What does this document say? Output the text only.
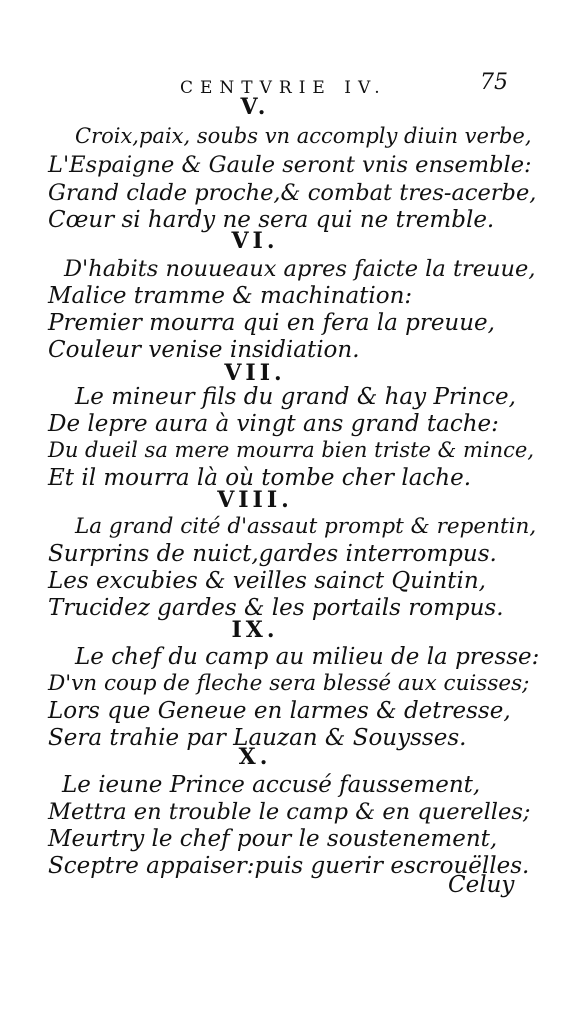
CENTVRIE IV.	75
V.
Croix,paix, soubs vn accomply diuin verbe,
L'Espaigne & Gaule seront vnis ensemble:
Grand clade proche,& combat tres-acerbe,
Cœur si hardy ne sera qui ne tremble.
VI.
D'habits nouueaux apres faicte la treuue,
Malice tramme & machination:
Premier mourra qui en fera la preuue,
Couleur venise insidiation.
VII.
Le mineur fils du grand & hay Prince,
De lepre aura à vingt ans grand tache:
Du dueil sa mere mourra bien triste & mince,
Et il mourra là où tombe cher lache.
VIII.
La grand cité d'assaut prompt & repentin,
Surprins de nuict,gardes interrompus.
Les excubies & veilles sainct Quintin,
Trucidez gardes & les portails rompus.
IX.
Le chef du camp au milieu de la presse:
D'vn coup de fleche sera blessé aux cuisses;
Lors que Geneue en larmes & detresse,
Sera trahie par Lauzan & Souysses.
X.
Le ieune Prince accusé faussement,
Mettra en trouble le camp & en querelles;
Meurtry le chef pour le soustenement,
Sceptre appaiser:puis guerir escrouëlles.
Celuy
